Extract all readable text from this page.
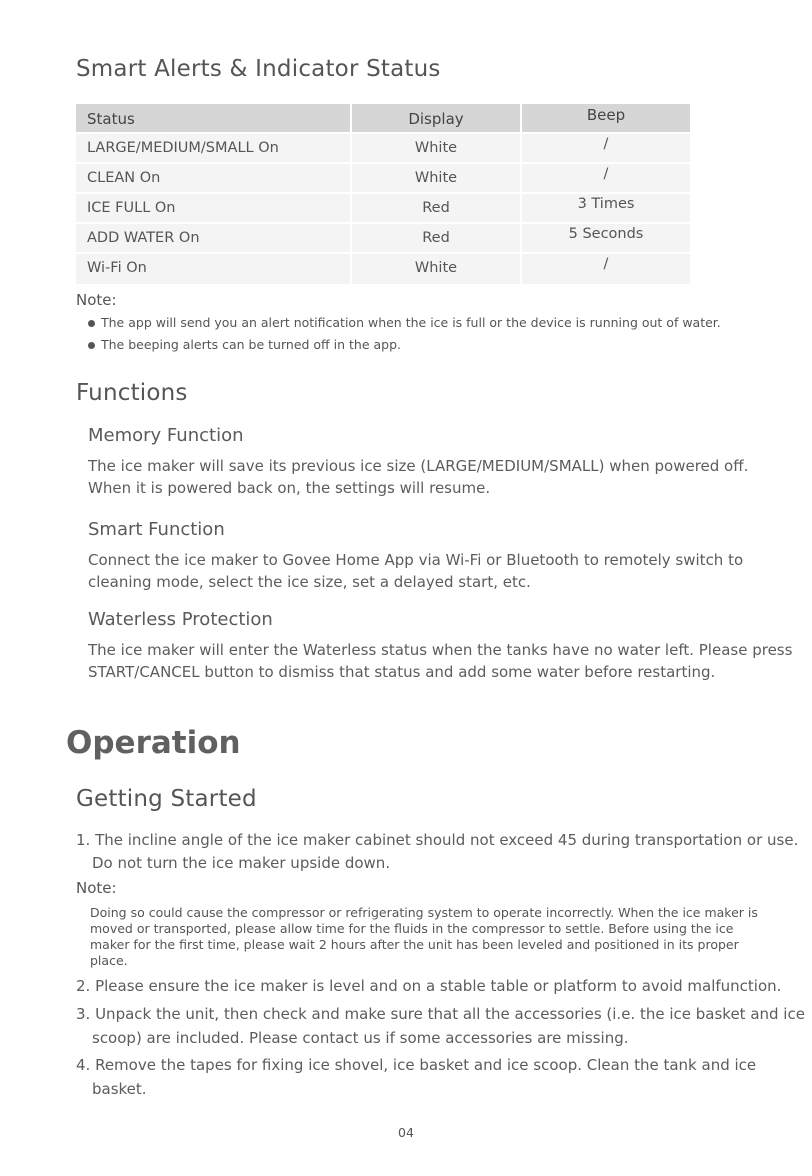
Smart Alerts & Indicator Status
Status	Display	Beep
LARGE/MEDIUM/SMALL On	White	/
CLEAN On	White	/
ICE FULL On	Red	3 Times
ADD WATER On	Red	5 Seconds
Wi-Fi On	White	/
Note:
The app will send you an alert notification when the ice is full or the device is running out of water.
The beeping alerts can be turned off in the app.
Functions
Memory Function
The ice maker will save its previous ice size (LARGE/MEDIUM/SMALL) when powered off.
When it is powered back on, the settings will resume.
Smart Function
Connect the ice maker to Govee Home App via Wi-Fi or Bluetooth to remotely switch to
cleaning mode, select the ice size, set a delayed start, etc.
Waterless Protection
The ice maker will enter the Waterless status when the tanks have no water left. Please press
START/CANCEL button to dismiss that status and add some water before restarting.
Operation
Getting Started
1. The incline angle of the ice maker cabinet should not exceed 45 during transportation or use.
Do not turn the ice maker upside down.
Note:
Doing so could cause the compressor or refrigerating system to operate incorrectly. When the ice maker is
moved or transported, please allow time for the fluids in the compressor to settle. Before using the ice
maker for the first time, please wait 2 hours after the unit has been leveled and positioned in its proper
place.
2. Please ensure the ice maker is level and on a stable table or platform to avoid malfunction.
3. Unpack the unit, then check and make sure that all the accessories (i.e. the ice basket and ice
scoop) are included. Please contact us if some accessories are missing.
4. Remove the tapes for fixing ice shovel, ice basket and ice scoop. Clean the tank and ice
basket.
04
